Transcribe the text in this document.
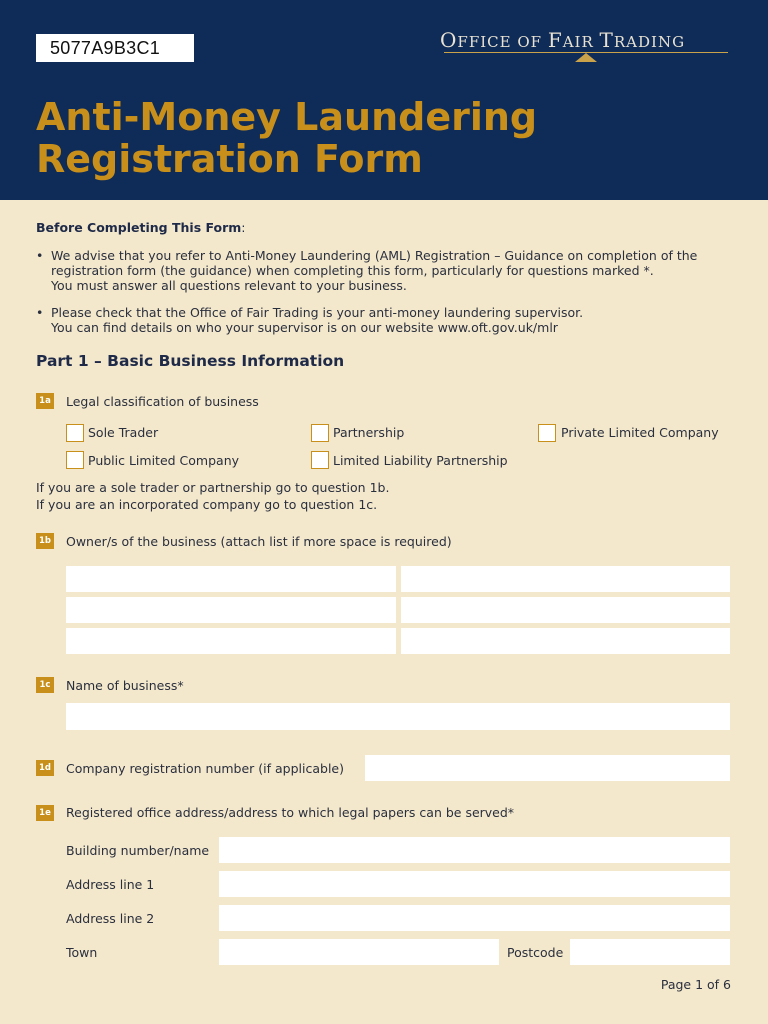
5077A9B3C1	OFFICE OF FAIR TRADING
Anti-Money Laundering
Registration Form
Before Completing This Form:
• We advise that you refer to Anti-Money Laundering (AML) Registration – Guidance on completion of the
registration form (the guidance) when completing this form, particularly for questions marked *.
You must answer all questions relevant to your business.
• Please check that the Office of Fair Trading is your anti-money laundering supervisor.
You can find details on who your supervisor is on our website www.oft.gov.uk/mlr
Part 1 – Basic Business Information
1a Legal classification of business
Sole Trader	Partnership	Private Limited Company
Public Limited Company	Limited Liability Partnership
If you are a sole trader or partnership go to question 1b.
If you are an incorporated company go to question 1c.
1b Owner/s of the business (attach list if more space is required)
1c Name of business*
1d Company registration number (if applicable)
1e Registered office address/address to which legal papers can be served*
Building number/name
Address line 1
Address line 2
Town	Postcode
Page 1 of 6
